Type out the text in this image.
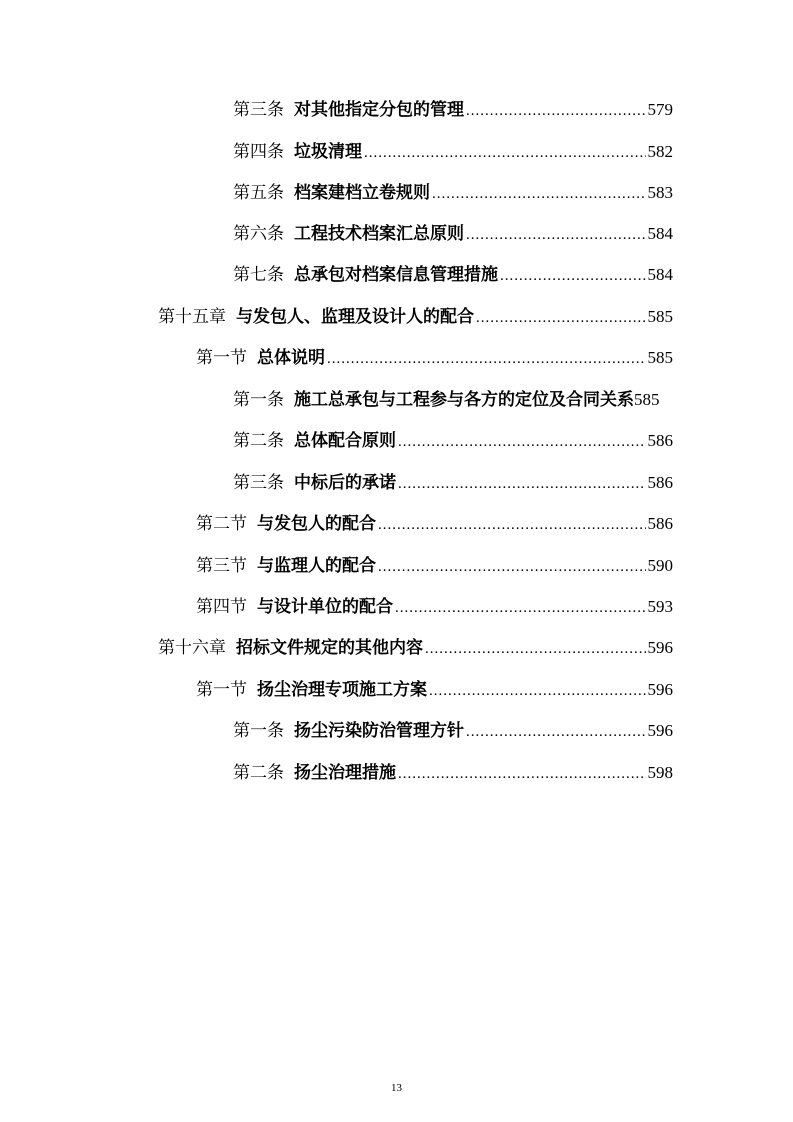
第三条 对其他指定分包的管理 .....	579
第四条 垃圾清理 .....	582
第五条 档案建档立卷规则 .....	583
第六条 工程技术档案汇总原则 .....	584
第七条 总承包对档案信息管理措施 .....	584
第十五章 与发包人、监理及设计人的配合 .....	585
第一节 总体说明 .....	585
第一条 施工总承包与工程参与各方的定位及合同关系 585
第二条 总体配合原则 .....	586
第三条 中标后的承诺 .....	586
第二节 与发包人的配合 .....	586
第三节 与监理人的配合 .....	590
第四节 与设计单位的配合 .....	593
第十六章 招标文件规定的其他内容 .....	596
第一节 扬尘治理专项施工方案 .....	596
第一条 扬尘污染防治管理方针 .....	596
第二条 扬尘治理措施 .....	598
13
